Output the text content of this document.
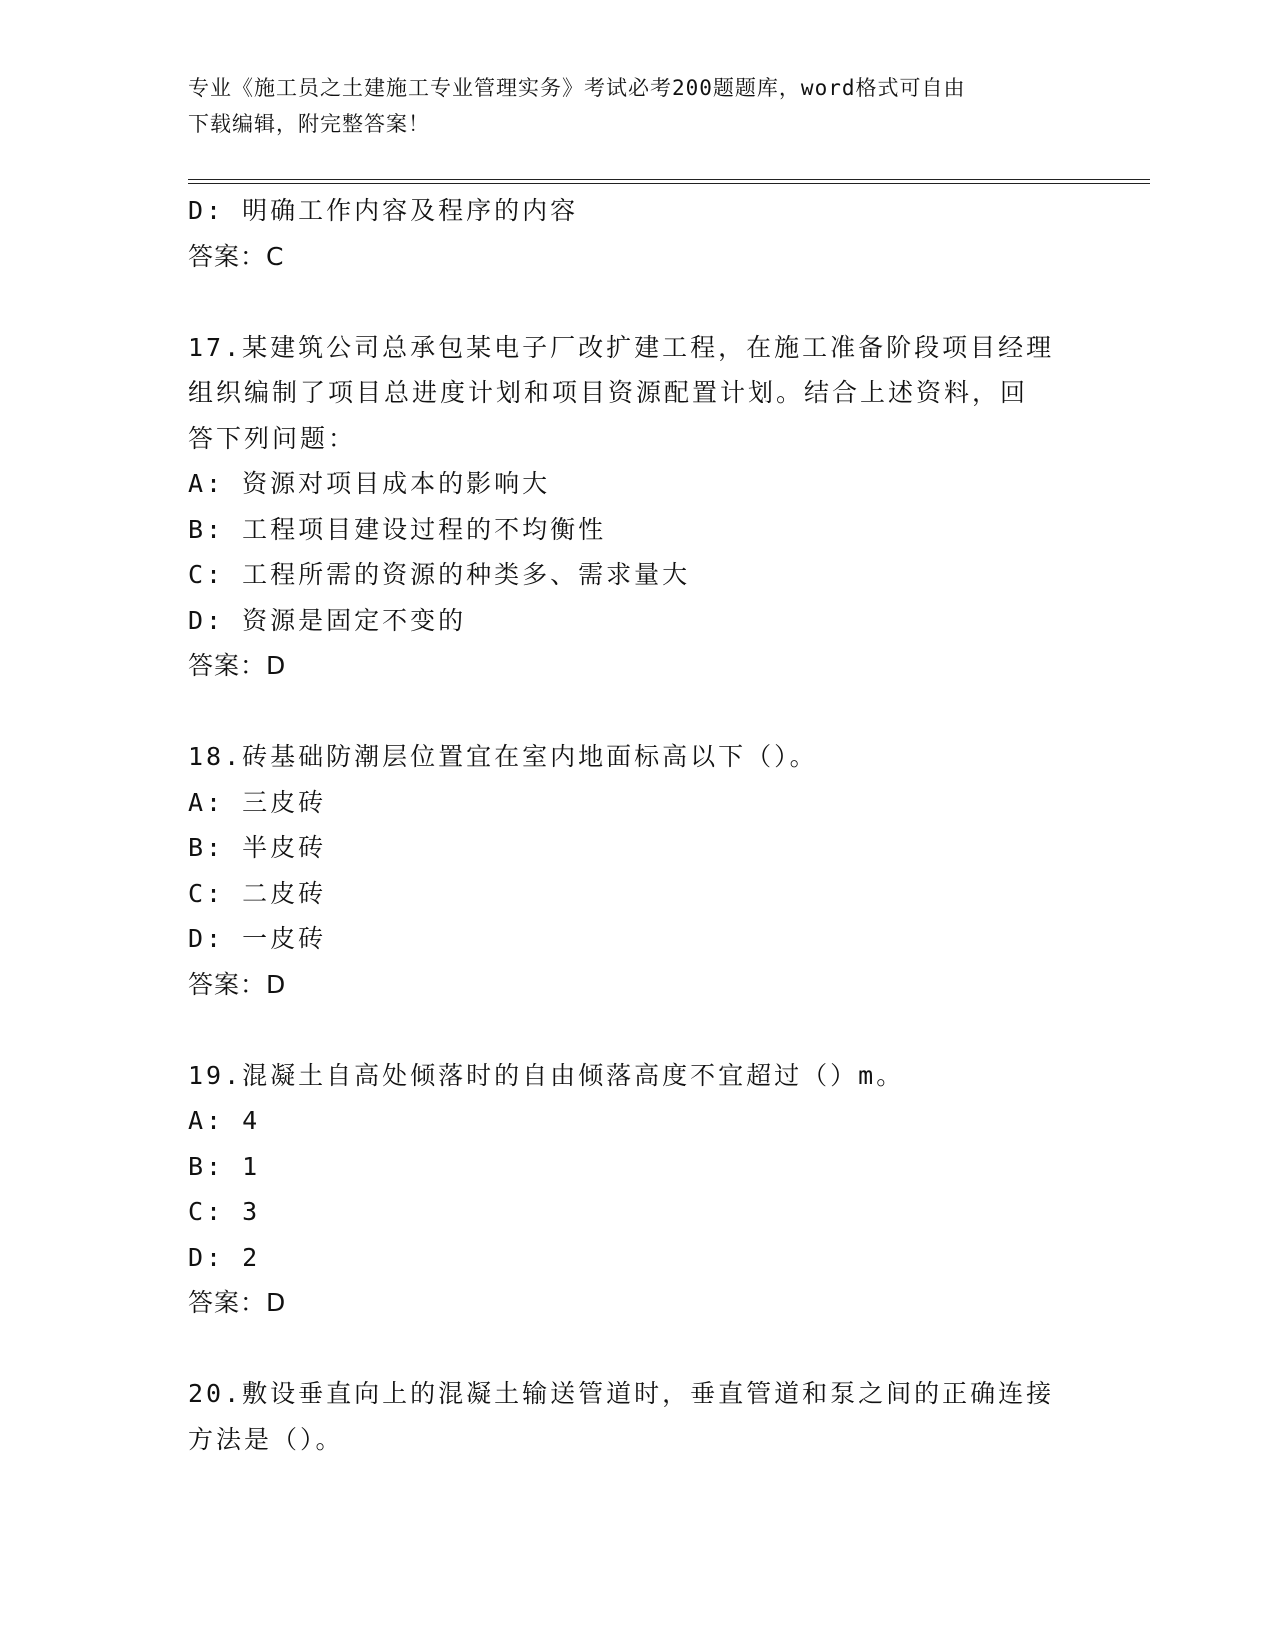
专业《施工员之土建施工专业管理实务》考试必考200题题库，word格式可自由
下载编辑，附完整答案！
D: 明确工作内容及程序的内容
答案：C
17.某建筑公司总承包某电子厂改扩建工程，在施工准备阶段项目经理
组织编制了项目总进度计划和项目资源配置计划。结合上述资料，回
答下列问题：
A: 资源对项目成本的影响大
B: 工程项目建设过程的不均衡性
C: 工程所需的资源的种类多、需求量大
D: 资源是固定不变的
答案：D
18.砖基础防潮层位置宜在室内地面标高以下（）。
A: 三皮砖
B: 半皮砖
C: 二皮砖
D: 一皮砖
答案：D
19.混凝土自高处倾落时的自由倾落高度不宜超过（）m。
A: 4
B: 1
C: 3
D: 2
答案：D
20.敷设垂直向上的混凝土输送管道时，垂直管道和泵之间的正确连接
方法是（）。
